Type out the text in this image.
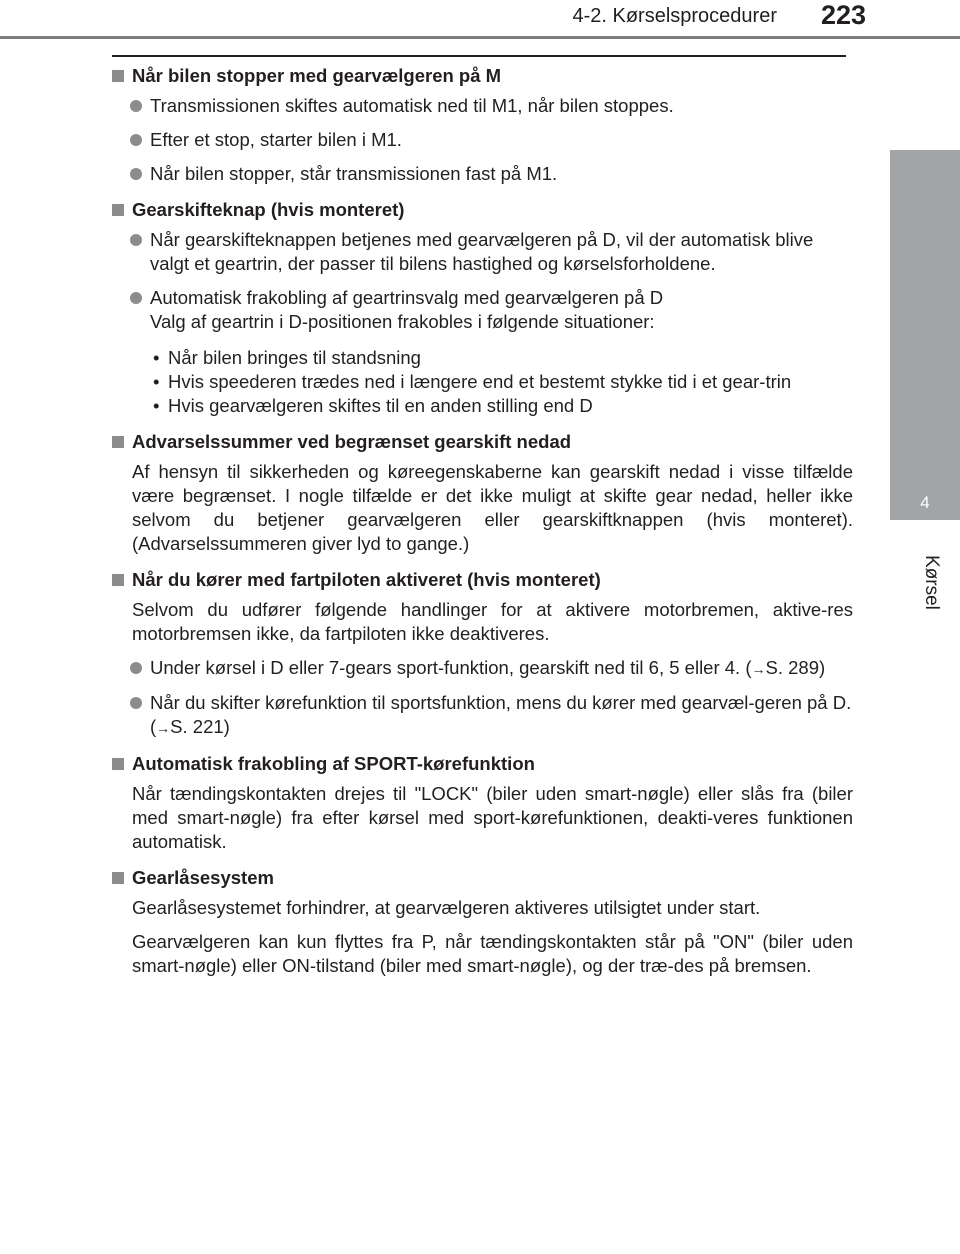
4-2. Kørselsprocedurer 223
4
Kørsel
Når bilen stopper med gearvælgeren på M
Transmissionen skiftes automatisk ned til M1, når bilen stoppes.
Efter et stop, starter bilen i M1.
Når bilen stopper, står transmissionen fast på M1.
Gearskifteknap (hvis monteret)
Når gearskifteknappen betjenes med gearvælgeren på D, vil der automatisk blive valgt et geartrin, der passer til bilens hastighed og kørselsforholdene.
Automatisk frakobling af geartrinsvalg med gearvælgeren på D
Valg af geartrin i D-positionen frakobles i følgende situationer:
• Når bilen bringes til standsning
• Hvis speederen trædes ned i længere end et bestemt stykke tid i et gear-trin
• Hvis gearvælgeren skiftes til en anden stilling end D
Advarselssummer ved begrænset gearskift nedad
Af hensyn til sikkerheden og køreegenskaberne kan gearskift nedad i visse tilfælde være begrænset. I nogle tilfælde er det ikke muligt at skifte gear nedad, heller ikke selvom du betjener gearvælgeren eller gearskiftknappen (hvis monteret). (Advarselssummeren giver lyd to gange.)
Når du kører med fartpiloten aktiveret (hvis monteret)
Selvom du udfører følgende handlinger for at aktivere motorbremen, aktive-res motorbremsen ikke, da fartpiloten ikke deaktiveres.
Under kørsel i D eller 7-gears sport-funktion, gearskift ned til 6, 5 eller 4. (→S. 289)
Når du skifter kørefunktion til sportsfunktion, mens du kører med gearvæl-geren på D. (→S. 221)
Automatisk frakobling af SPORT-kørefunktion
Når tændingskontakten drejes til "LOCK" (biler uden smart-nøgle) eller slås fra (biler med smart-nøgle) fra efter kørsel med sport-kørefunktionen, deakti-veres funktionen automatisk.
Gearlåsesystem
Gearlåsesystemet forhindrer, at gearvælgeren aktiveres utilsigtet under start.
Gearvælgeren kan kun flyttes fra P, når tændingskontakten står på "ON" (biler uden smart-nøgle) eller ON-tilstand (biler med smart-nøgle), og der træ-des på bremsen.
